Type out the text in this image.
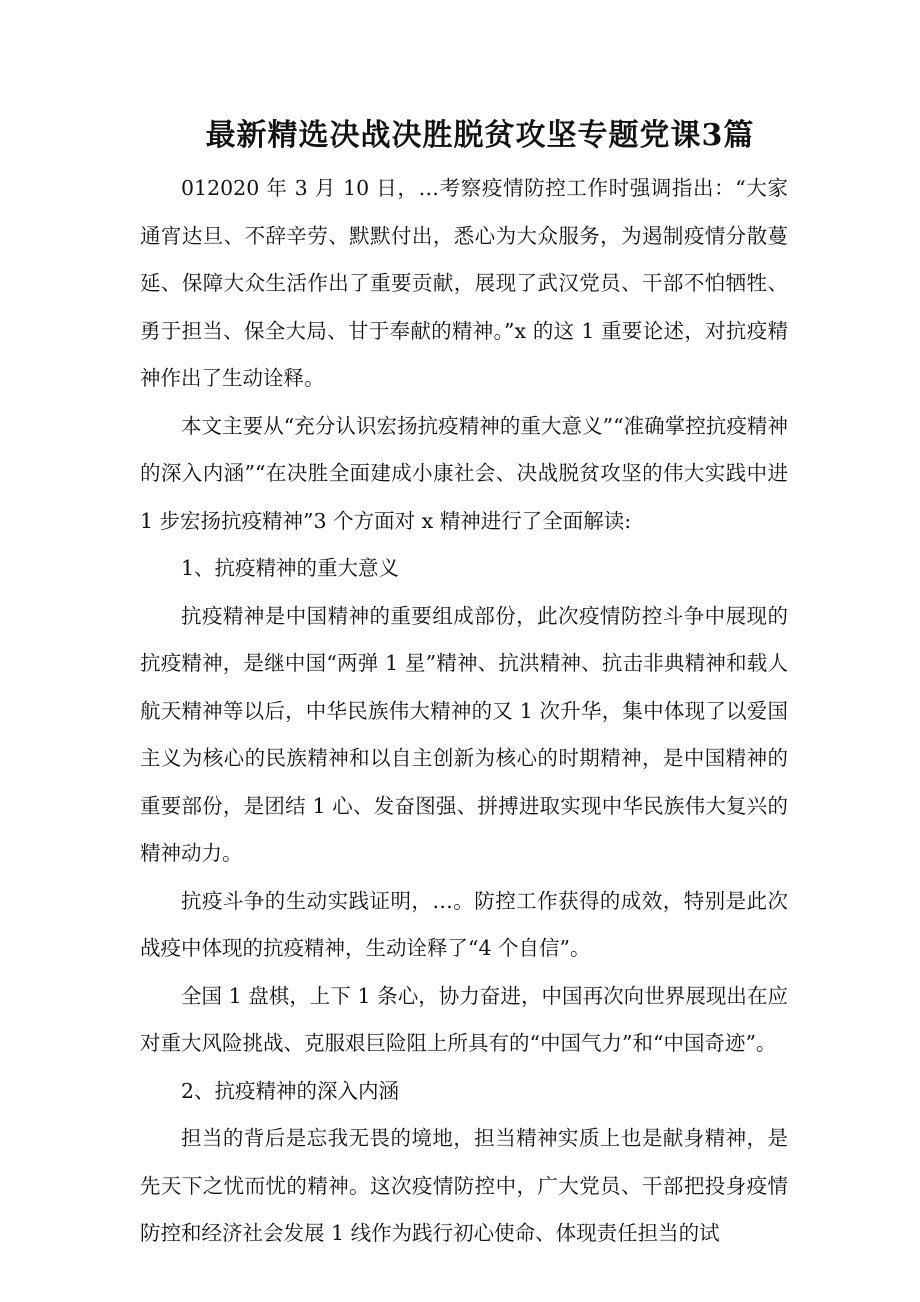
最新精选决战决胜脱贫攻坚专题党课3篇

012020 年 3 月 10 日，…考察疫情防控工作时强调指出：“大家通宵达旦、不辞辛劳、默默付出，悉心为大众服务，为遏制疫情分散蔓延、保障大众生活作出了重要贡献，展现了武汉党员、干部不怕牺牲、勇于担当、保全大局、甘于奉献的精神。”x 的这 1 重要论述，对抗疫精神作出了生动诠释。

本文主要从“充分认识宏扬抗疫精神的重大意义”“准确掌控抗疫精神的深入内涵”“在决胜全面建成小康社会、决战脱贫攻坚的伟大实践中进 1 步宏扬抗疫精神”3 个方面对 x 精神进行了全面解读:

1、抗疫精神的重大意义

抗疫精神是中国精神的重要组成部份，此次疫情防控斗争中展现的抗疫精神，是继中国“两弹 1 星”精神、抗洪精神、抗击非典精神和载人航天精神等以后，中华民族伟大精神的又 1 次升华，集中体现了以爱国主义为核心的民族精神和以自主创新为核心的时期精神，是中国精神的重要部份，是团结 1 心、发奋图强、拼搏进取实现中华民族伟大复兴的精神动力。

抗疫斗争的生动实践证明，…。防控工作获得的成效，特别是此次战疫中体现的抗疫精神，生动诠释了“4 个自信”。

全国 1 盘棋，上下 1 条心，协力奋进，中国再次向世界展现出在应对重大风险挑战、克服艰巨险阻上所具有的“中国气力”和“中国奇迹”。

2、抗疫精神的深入内涵

担当的背后是忘我无畏的境地，担当精神实质上也是献身精神，是先天下之忧而忧的精神。这次疫情防控中，广大党员、干部把投身疫情防控和经济社会发展 1 线作为践行初心使命、体现责任担当的试
